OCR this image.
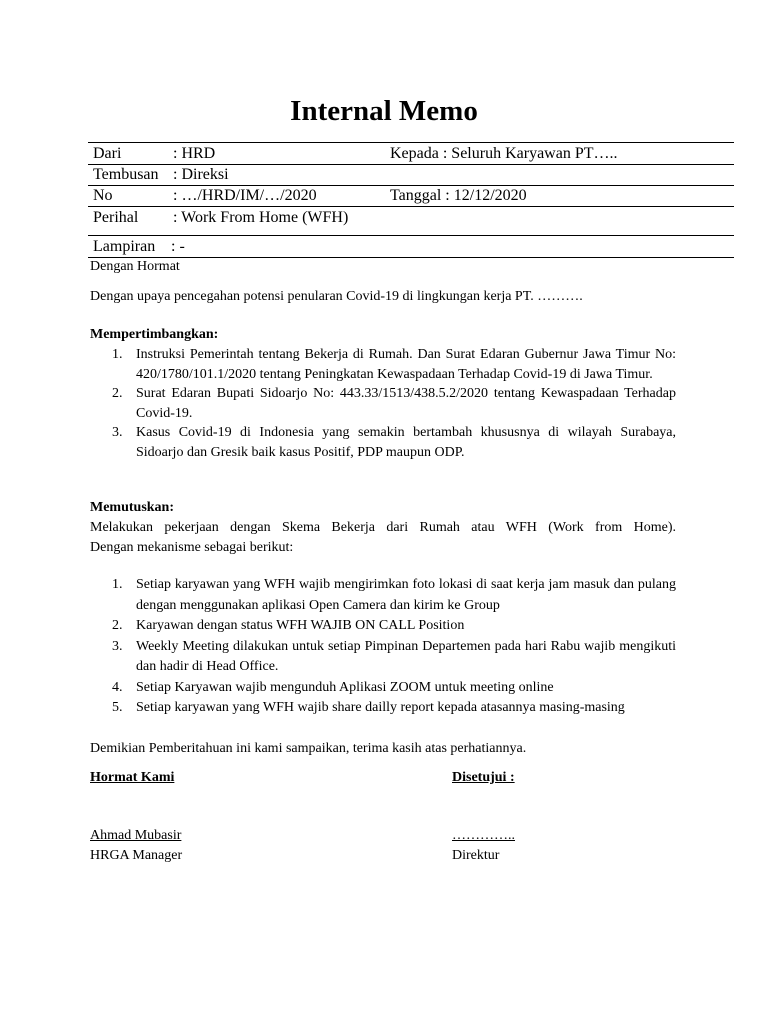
Internal Memo
Dari	: HRD	Kepada : Seluruh Karyawan PT…..
Tembusan : Direksi
No	: …/HRD/IM/…/2020	Tanggal : 12/12/2020
Perihal : Work From Home (WFH)
Lampiran : -
Dengan Hormat
Dengan upaya pencegahan potensi penularan Covid-19 di lingkungan kerja PT. ……….
Mempertimbangkan:
1. Instruksi Pemerintah tentang Bekerja di Rumah. Dan Surat Edaran Gubernur Jawa Timur No: 420/1780/101.1/2020 tentang Peningkatan Kewaspadaan Terhadap Covid-19 di Jawa Timur.
2. Surat Edaran Bupati Sidoarjo No: 443.33/1513/438.5.2/2020 tentang Kewaspadaan Terhadap Covid-19.
3. Kasus Covid-19 di Indonesia yang semakin bertambah khususnya di wilayah Surabaya, Sidoarjo dan Gresik baik kasus Positif, PDP maupun ODP.
Memutuskan:
Melakukan pekerjaan dengan Skema Bekerja dari Rumah atau WFH (Work from Home).
Dengan mekanisme sebagai berikut:
1. Setiap karyawan yang WFH wajib mengirimkan foto lokasi di saat kerja jam masuk dan pulang dengan menggunakan aplikasi Open Camera dan kirim ke Group
2. Karyawan dengan status WFH WAJIB ON CALL Position
3. Weekly Meeting dilakukan untuk setiap Pimpinan Departemen pada hari Rabu wajib mengikuti dan hadir di Head Office.
4. Setiap Karyawan wajib mengunduh Aplikasi ZOOM untuk meeting online
5. Setiap karyawan yang WFH wajib share dailly report kepada atasannya masing-masing
Demikian Pemberitahuan ini kami sampaikan, terima kasih atas perhatiannya.
Hormat Kami
Ahmad Mubasir
HRGA Manager
Disetujui :
…………..
Direktur
